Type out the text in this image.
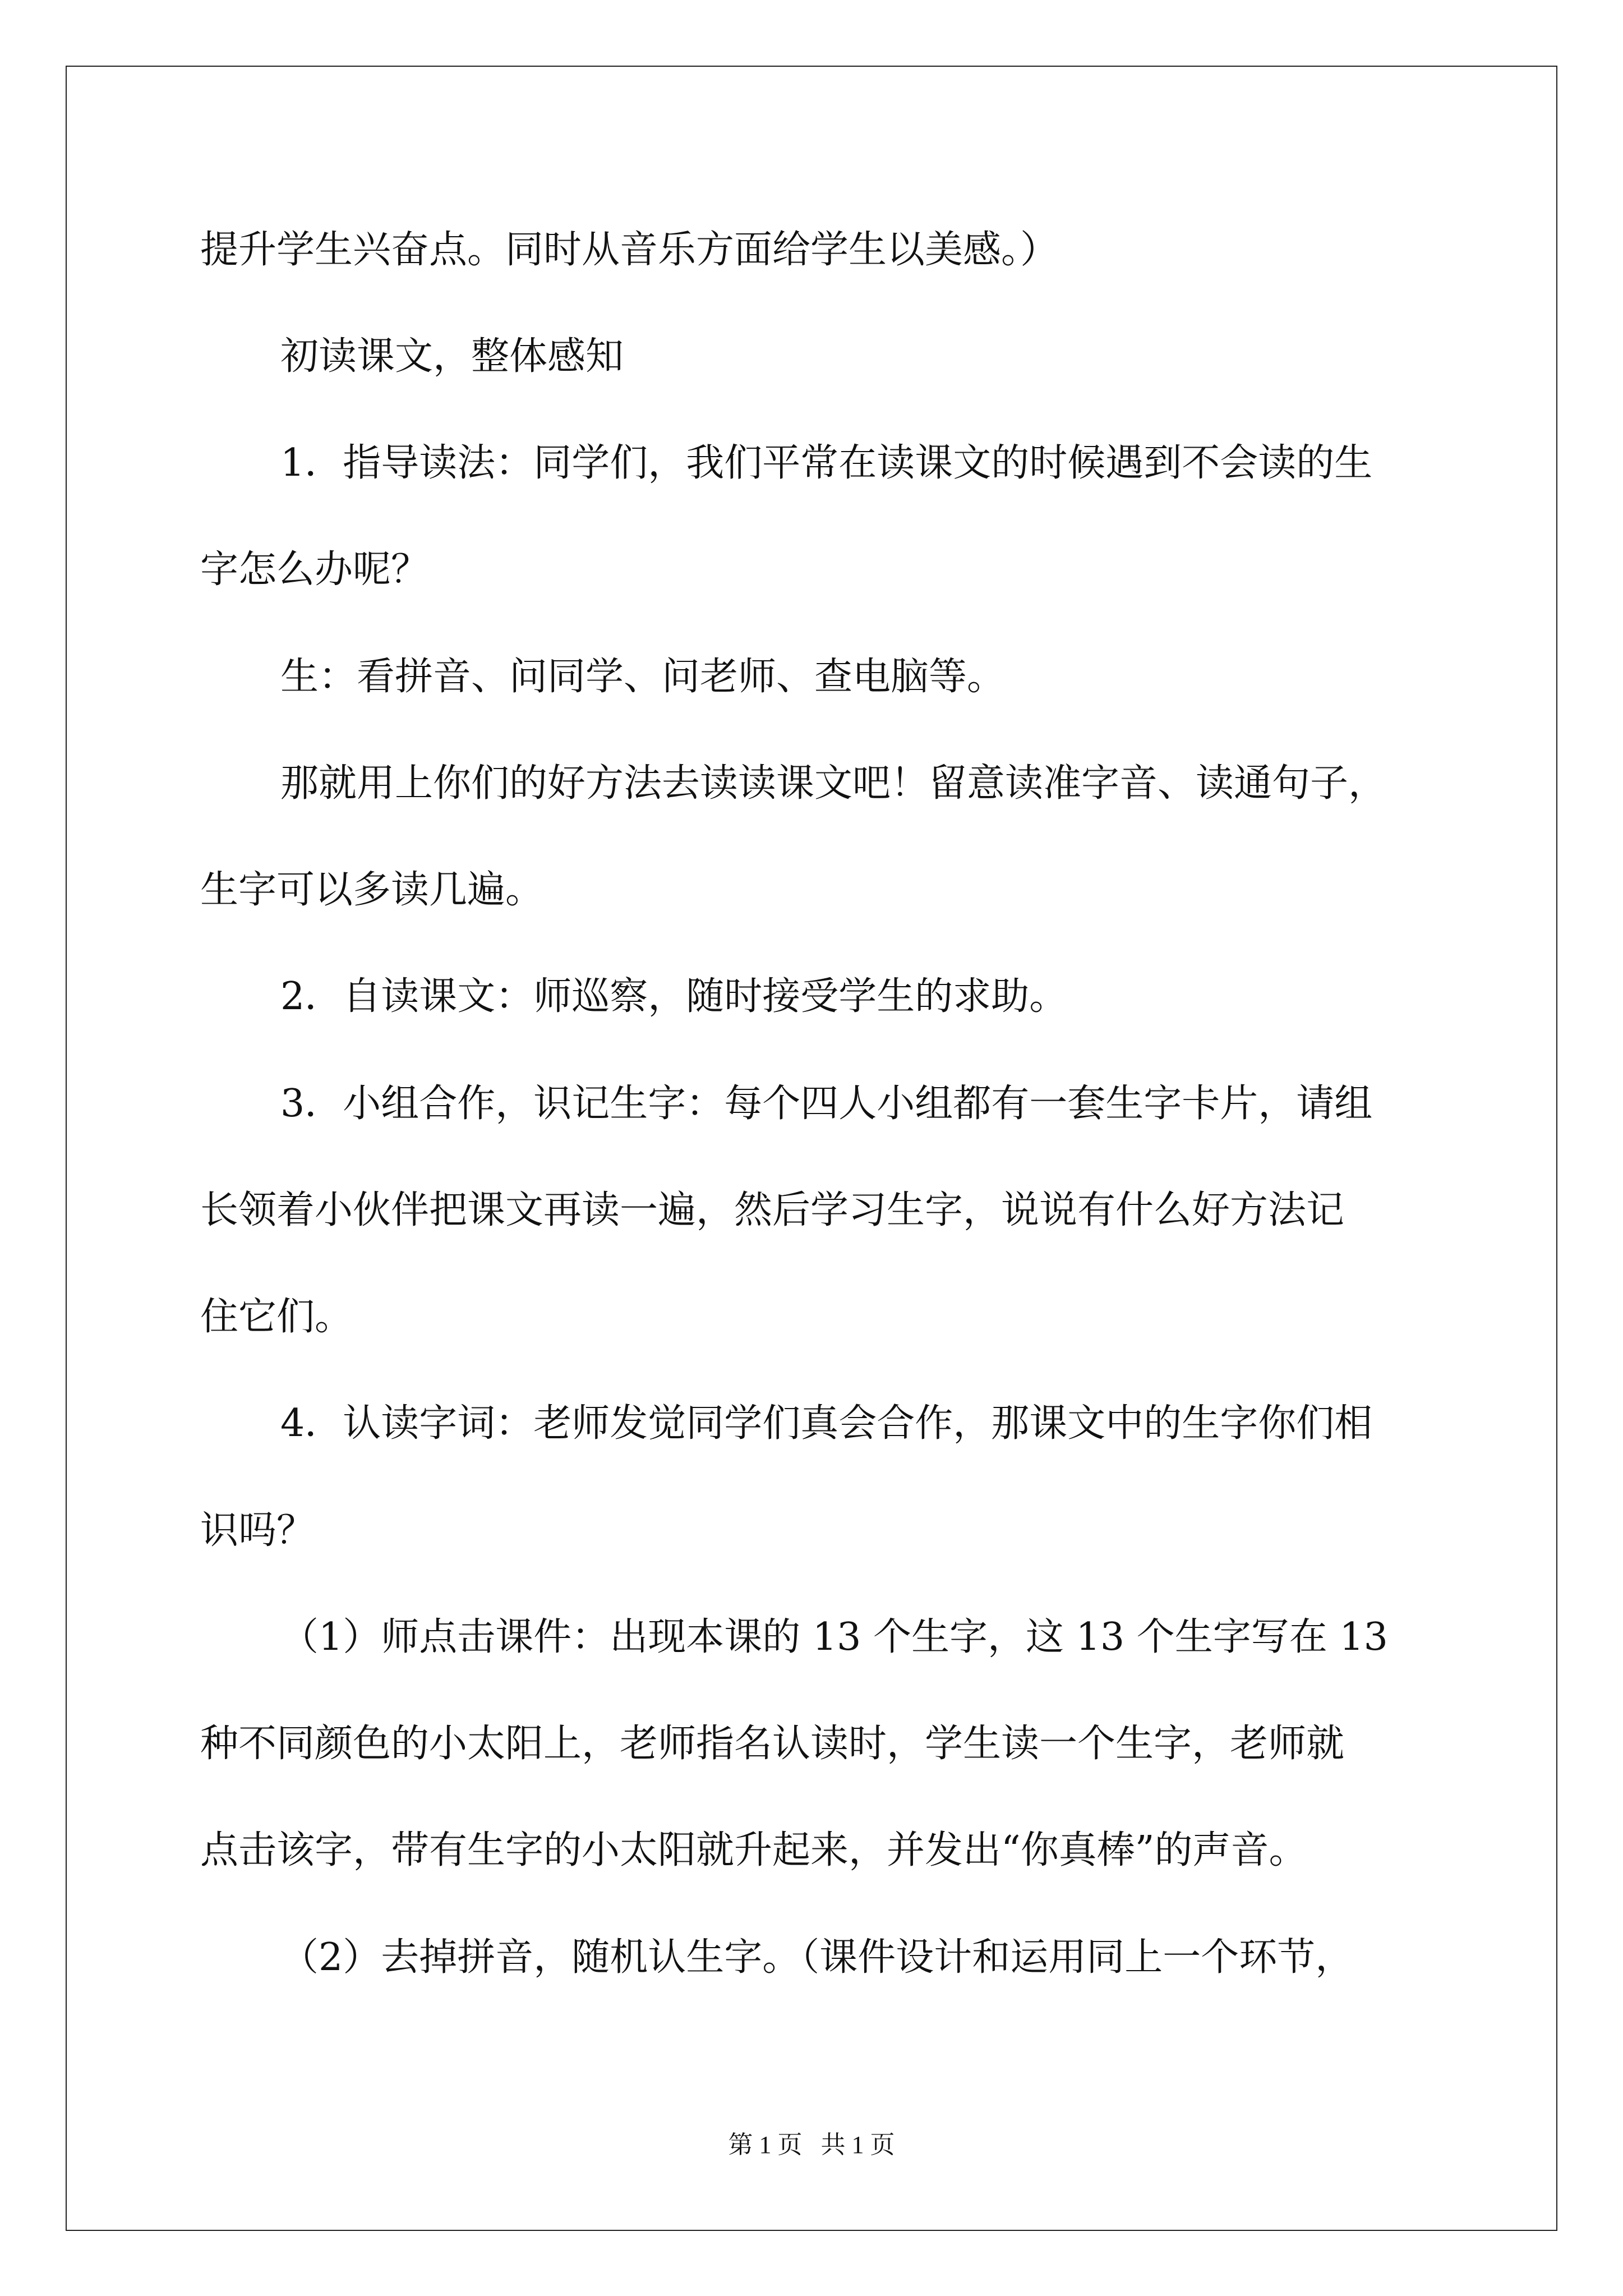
提升学生兴奋点。同时从音乐方面给学生以美感。）
初读课文，整体感知
1．指导读法：同学们，我们平常在读课文的时候遇到不会读的生
字怎么办呢？
生：看拼音、问同学、问老师、查电脑等。
那就用上你们的好方法去读读课文吧！留意读准字音、读通句子，
生字可以多读几遍。
2．自读课文：师巡察，随时接受学生的求助。
3．小组合作，识记生字：每个四人小组都有一套生字卡片，请组
长领着小伙伴把课文再读一遍，然后学习生字，说说有什么好方法记
住它们。
4．认读字词：老师发觉同学们真会合作，那课文中的生字你们相
识吗？
（1）师点击课件：出现本课的 13 个生字，这 13 个生字写在 13
种不同颜色的小太阳上，老师指名认读时，学生读一个生字，老师就
点击该字，带有生字的小太阳就升起来，并发出“你真棒”的声音。
（2）去掉拼音，随机认生字。（课件设计和运用同上一个环节，
第 1 页   共 1 页
